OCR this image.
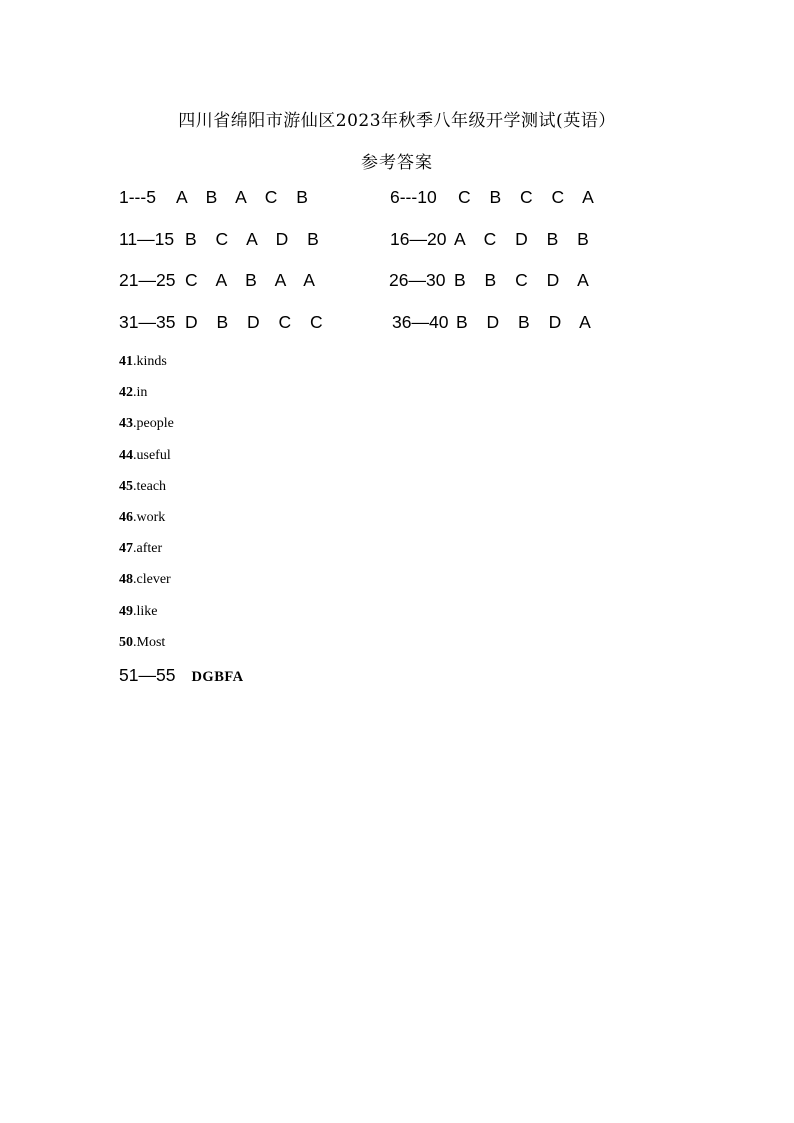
四川省绵阳市游仙区2023年秋季八年级开学测试(英语）
参考答案
1---5 A B A C B	6---10 C B C C A
11—15 B C A D B	16—20 A C D B B
21—25 C A B A A	26—30 B B C D A
31—35 D B D C C	36—40 B D B D A
41.kinds
42.in
43.people
44.useful
45.teach
46.work
47.after
48.clever
49.like
50.Most
51—55 DGBFA
